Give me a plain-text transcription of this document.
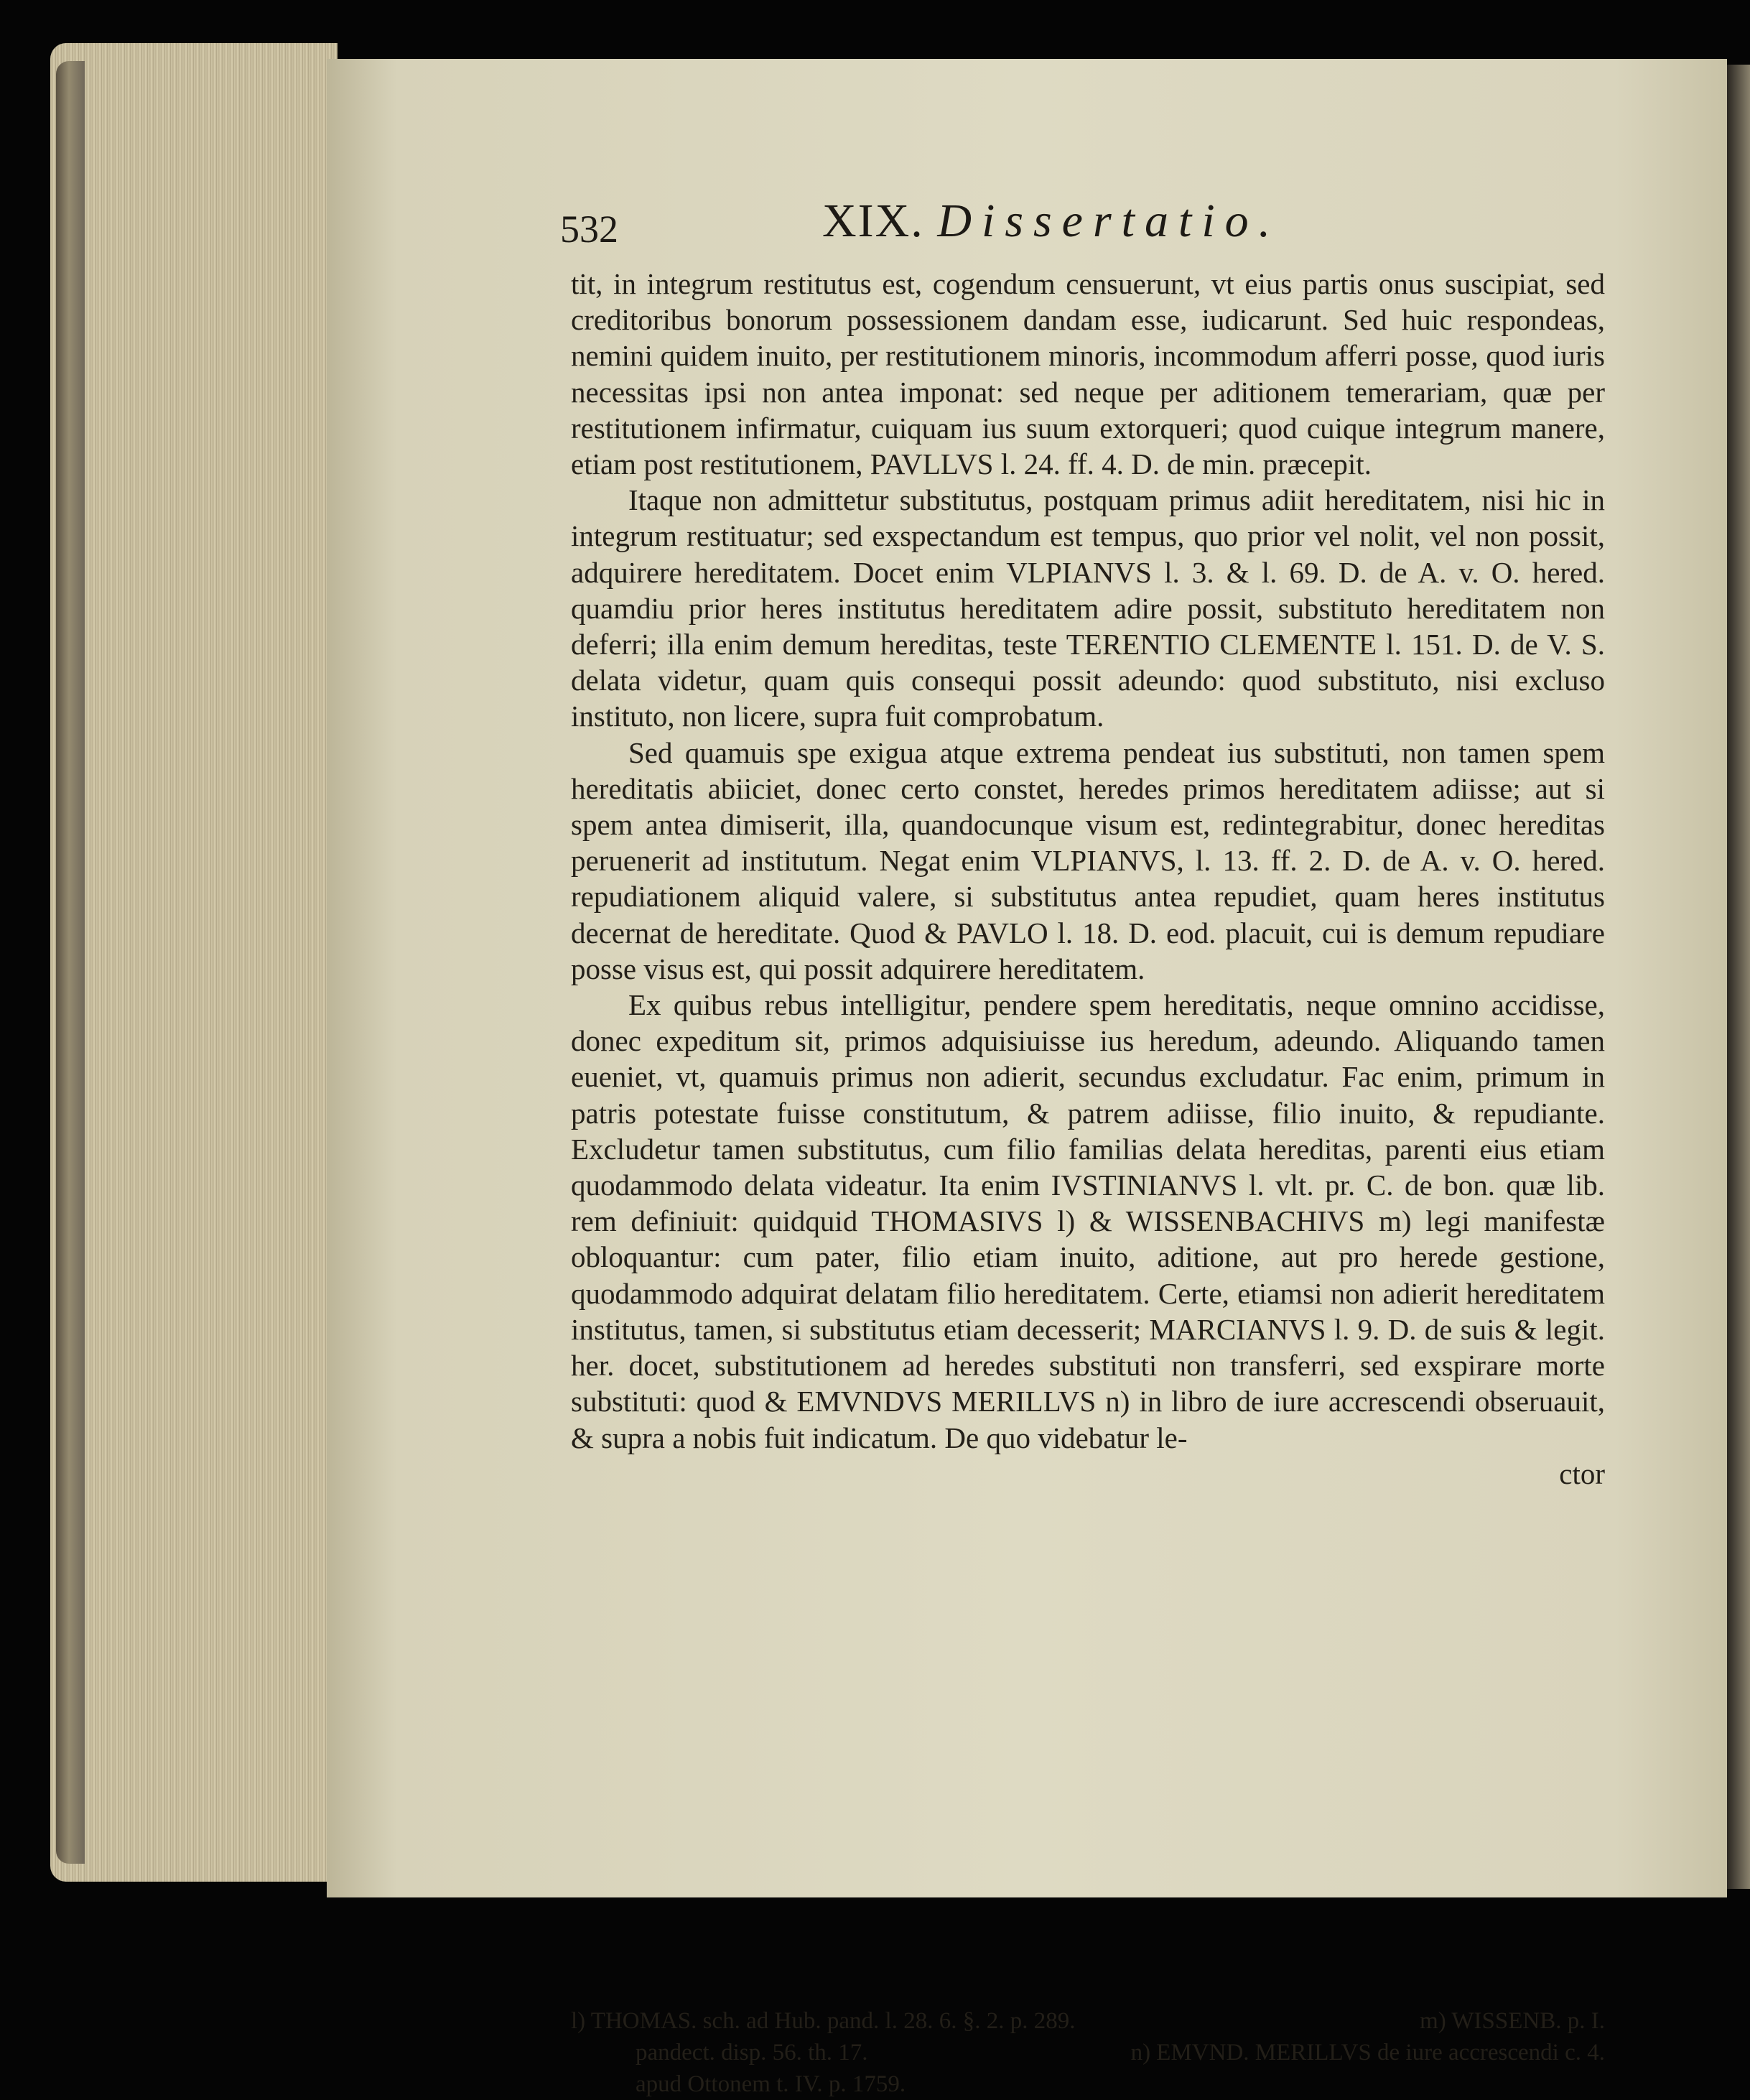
532	XIX. Dissertatio.

tit, in integrum restitutus est, cogendum censuerunt, vt eius partis onus suscipiat, sed creditoribus bonorum possessionem dandam esse, iudicarunt. Sed huic respondeas, nemini quidem inuito, per restitutionem minoris, incommodum afferri posse, quod iuris necessitas ipsi non antea imponat: sed neque per aditionem temerariam, quæ per restitutionem infirmatur, cuiquam ius suum extorqueri; quod cuique integrum manere, etiam post restitutionem, PAVLLVS l. 24. ff. 4. D. de min. præcepit.

Itaque non admittetur substitutus, postquam primus adiit hereditatem, nisi hic in integrum restituatur; sed exspectandum est tempus, quo prior vel nolit, vel non possit, adquirere hereditatem. Docet enim VLPIANVS l. 3. & l. 69. D. de A. v. O. hered. quamdiu prior heres institutus hereditatem adire possit, substituto hereditatem non deferri; illa enim demum hereditas, teste TERENTIO CLEMENTE l. 151. D. de V. S. delata videtur, quam quis consequi possit adeundo: quod substituto, nisi excluso instituto, non licere, supra fuit comprobatum.

Sed quamuis spe exigua atque extrema pendeat ius substituti, non tamen spem hereditatis abiiciet, donec certo constet, heredes primos hereditatem adiisse; aut si spem antea dimiserit, illa, quandocunque visum est, redintegrabitur, donec hereditas peruenerit ad institutum. Negat enim VLPIANVS, l. 13. ff. 2. D. de A. v. O. hered. repudiationem aliquid valere, si substitutus antea repudiet, quam heres institutus decernat de hereditate. Quod & PAVLO l. 18. D. eod. placuit, cui is demum repudiare posse visus est, qui possit adquirere hereditatem.

Ex quibus rebus intelligitur, pendere spem hereditatis, neque omnino accidisse, donec expeditum sit, primos adquisiuisse ius heredum, adeundo. Aliquando tamen eueniet, vt, quamuis primus non adierit, secundus excludatur. Fac enim, primum in patris potestate fuisse constitutum, & patrem adiisse, filio inuito, & repudiante. Excludetur tamen substitutus, cum filio familias delata hereditas, parenti eius etiam quodammodo delata videatur. Ita enim IVSTINIANVS l. vlt. pr. C. de bon. quæ lib. rem definiuit: quidquid THOMASIVS l) & WISSENBACHIVS m) legi manifestæ obloquantur: cum pater, filio etiam inuito, aditione, aut pro herede gestione, quodammodo adquirat delatam filio hereditatem. Certe, etiamsi non adierit hereditatem institutus, tamen, si substitutus etiam decesserit; MARCIANVS l. 9. D. de suis & legit. her. docet, substitutionem ad heredes substituti non transferri, sed exspirare morte substituti: quod & EMVNDVS MERILLVS n) in libro de iure accrescendi obseruauit, & supra a nobis fuit indicatum. De quo videbatur le-

ctor

l) THOMAS. sch. ad Hub. pand. l. 28. 6. §. 2. p. 289.	m) WISSENB. p. I.
pandect. disp. 56. th. 17.	n) EMVND. MERILLVS de iure accrescendi c. 4.
apud Ottonem t. IV. p. 1759.
